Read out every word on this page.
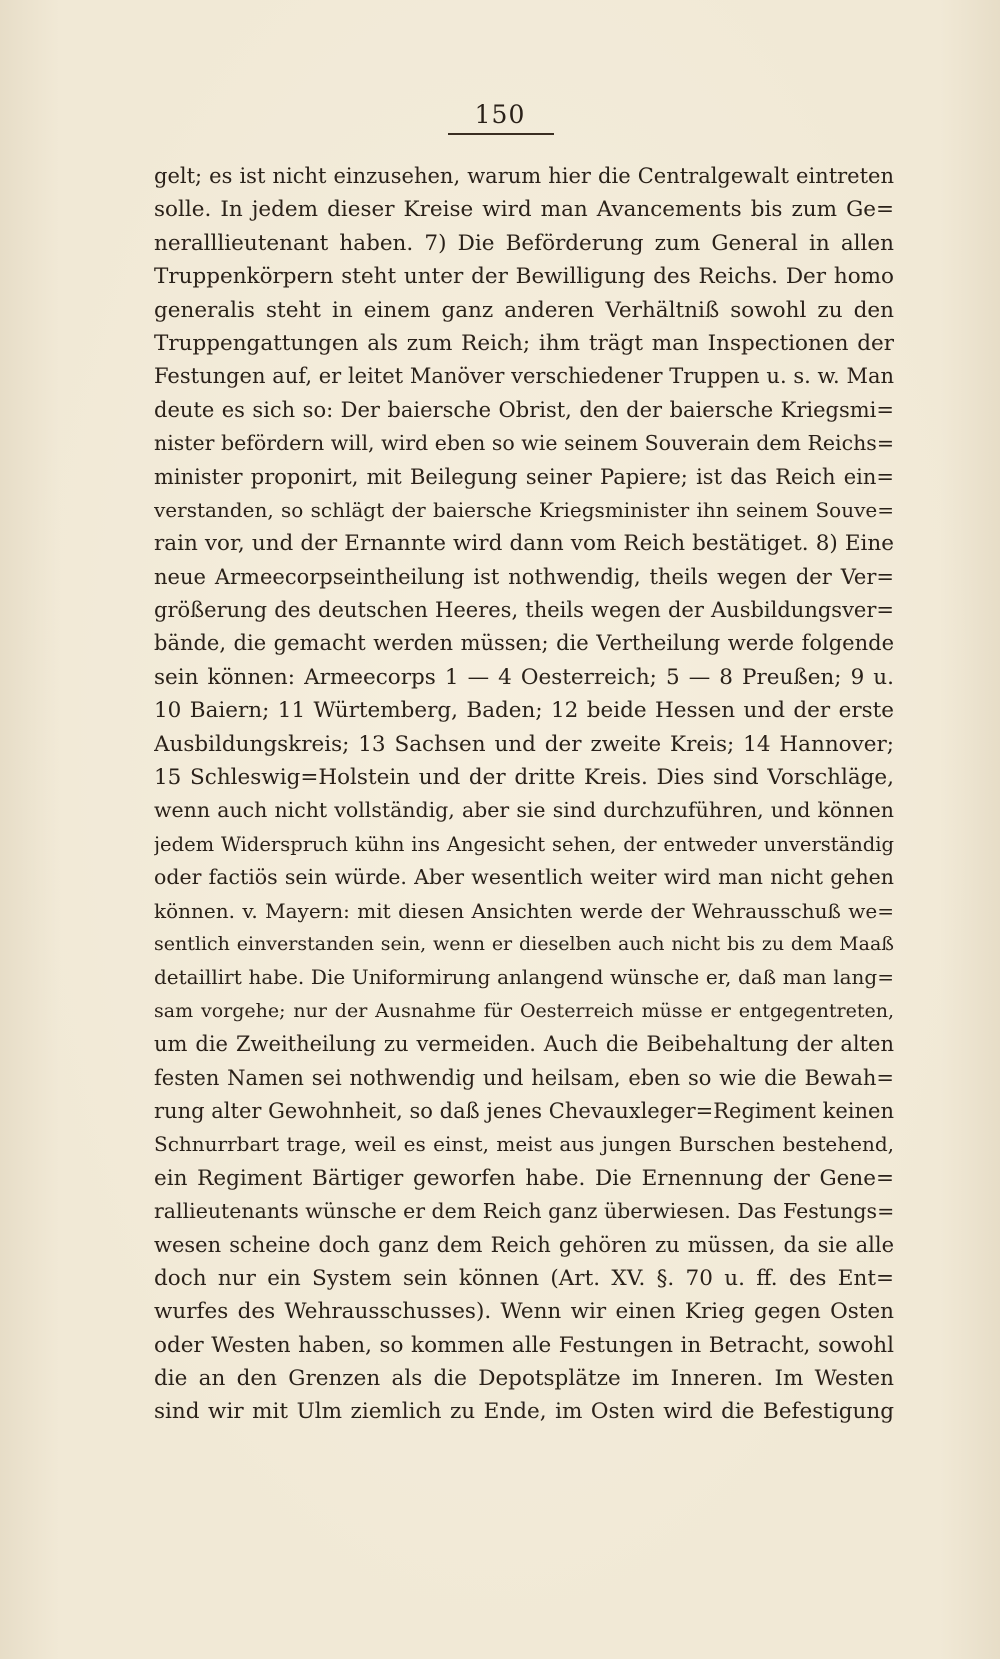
150
gelt; es ist nicht einzusehen, warum hier die Centralgewalt eintreten
solle. In jedem dieser Kreise wird man Avancements bis zum Ge=
neralllieutenant haben. 7) Die Beförderung zum General in allen
Truppenkörpern steht unter der Bewilligung des Reichs. Der homo
generalis steht in einem ganz anderen Verhältniß sowohl zu den
Truppengattungen als zum Reich; ihm trägt man Inspectionen der
Festungen auf, er leitet Manöver verschiedener Truppen u. s. w. Man
deute es sich so: Der baiersche Obrist, den der baiersche Kriegsmi=
nister befördern will, wird eben so wie seinem Souverain dem Reichs=
minister proponirt, mit Beilegung seiner Papiere; ist das Reich ein=
verstanden, so schlägt der baiersche Kriegsminister ihn seinem Souve=
rain vor, und der Ernannte wird dann vom Reich bestätiget. 8) Eine
neue Armeecorpseintheilung ist nothwendig, theils wegen der Ver=
größerung des deutschen Heeres, theils wegen der Ausbildungsver=
bände, die gemacht werden müssen; die Vertheilung werde folgende
sein können: Armeecorps 1 — 4 Oesterreich; 5 — 8 Preußen; 9 u.
10 Baiern; 11 Würtemberg, Baden; 12 beide Hessen und der erste
Ausbildungskreis; 13 Sachsen und der zweite Kreis; 14 Hannover;
15 Schleswig=Holstein und der dritte Kreis. Dies sind Vorschläge,
wenn auch nicht vollständig, aber sie sind durchzuführen, und können
jedem Widerspruch kühn ins Angesicht sehen, der entweder unverständig
oder factiös sein würde. Aber wesentlich weiter wird man nicht gehen
können. v. Mayern: mit diesen Ansichten werde der Wehrausschuß we=
sentlich einverstanden sein, wenn er dieselben auch nicht bis zu dem Maaß
detaillirt habe. Die Uniformirung anlangend wünsche er, daß man lang=
sam vorgehe; nur der Ausnahme für Oesterreich müsse er entgegentreten,
um die Zweitheilung zu vermeiden. Auch die Beibehaltung der alten
festen Namen sei nothwendig und heilsam, eben so wie die Bewah=
rung alter Gewohnheit, so daß jenes Chevauxleger=Regiment keinen
Schnurrbart trage, weil es einst, meist aus jungen Burschen bestehend,
ein Regiment Bärtiger geworfen habe. Die Ernennung der Gene=
rallieutenants wünsche er dem Reich ganz überwiesen. Das Festungs=
wesen scheine doch ganz dem Reich gehören zu müssen, da sie alle
doch nur ein System sein können (Art. XV. §. 70 u. ff. des Ent=
wurfes des Wehrausschusses). Wenn wir einen Krieg gegen Osten
oder Westen haben, so kommen alle Festungen in Betracht, sowohl
die an den Grenzen als die Depotsplätze im Inneren. Im Westen
sind wir mit Ulm ziemlich zu Ende, im Osten wird die Befestigung
